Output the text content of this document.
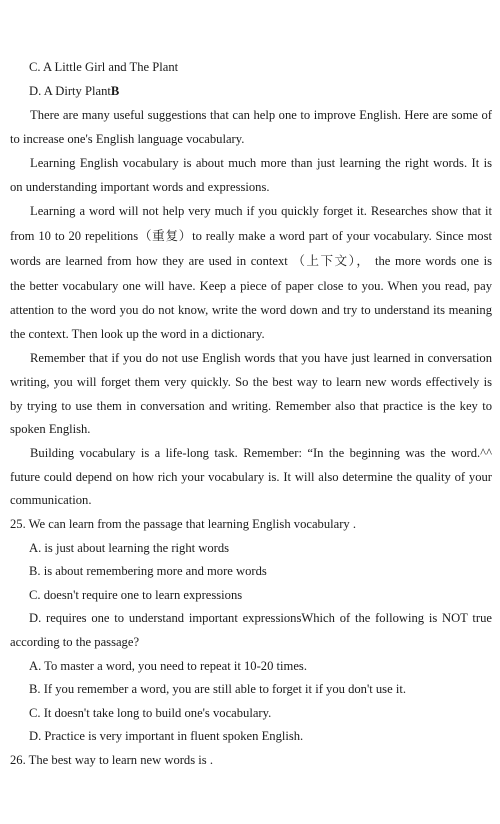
C. A Little Girl and The Plant
D. A Dirty PlantB
There are many useful suggestions that can help one to improve English. Here are some of
to increase one's English language vocabulary.
Learning English vocabulary is about much more than just learning the right words. It is
on understanding important words and expressions.
Learning a word will not help very much if you quickly forget it. Researches show that it
from 10 to 20 repelitions（重复）to really make a word part of your vocabulary. Since most
words are learned from how they are used in context （上下文）， the more words one is
the better vocabulary one will have. Keep a piece of paper close to you. When you read, pay
attention to the word you do not know, write the word down and try to understand its meaning
the context. Then look up the word in a dictionary.
Remember that if you do not use English words that you have just learned in conversation
writing, you will forget them very quickly. So the best way to learn new words effectively is
by trying to use them in conversation and writing. Remember also that practice is the key to
spoken English.
Building vocabulary is a life-long task. Remember: “In the beginning was the word.^^
future could depend on how rich your vocabulary is. It will also determine the quality of your
communication.
25. We can learn from the passage that learning English vocabulary .
A. is just about learning the right words
B. is about remembering more and more words
C. doesn't require one to learn expressions
D. requires one to understand important expressionsWhich of the following is NOT true
according to the passage?
A. To master a word, you need to repeat it 10-20 times.
B. If you remember a word, you are still able to forget it if you don't use it.
C. It doesn't take long to build one's vocabulary.
D. Practice is very important in fluent spoken English.
26. The best way to learn new words is .
